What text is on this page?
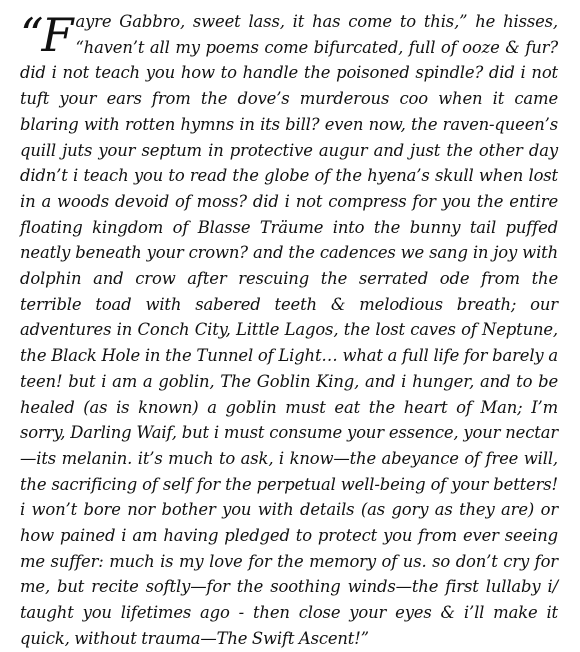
“Fayre Gabbro, sweet lass, it has come to this,” he hisses, “haven’t all my poems come bifurcated, full of ooze & fur? did i not teach you how to handle the poisoned spindle? did i not tuft your ears from the dove’s murderous coo when it came blaring with rotten hymns in its bill? even now, the raven-queen’s quill juts your septum in protective augur and just the other day didn’t i teach you to read the globe of the hyena’s skull when lost in a woods devoid of moss? did i not compress for you the entire floating kingdom of Blasse Träume into the bunny tail puffed neatly beneath your crown? and the cadences we sang in joy with dolphin and crow after rescuing the serrated ode from the terrible toad with sabered teeth & melodious breath; our adventures in Conch City, Little Lagos, the lost caves of Neptune, the Black Hole in the Tunnel of Light… what a full life for barely a teen! but i am a goblin, The Goblin King, and i hunger, and to be healed (as is known) a goblin must eat the heart of Man; I’m sorry, Darling Waif, but i must consume your essence, your nectar—its melanin. it’s much to ask, i know—the abeyance of free will, the sacrificing of self for the perpetual well-being of your betters! i won’t bore nor bother you with details (as gory as they are) or how pained i am having pledged to protect you from ever seeing me suffer: much is my love for the memory of us. so don’t cry for me, but recite softly—for the soothing winds—the first lullaby i/ taught you lifetimes ago - then close your eyes & i’ll make it quick, without trauma—The Swift Ascent!”
